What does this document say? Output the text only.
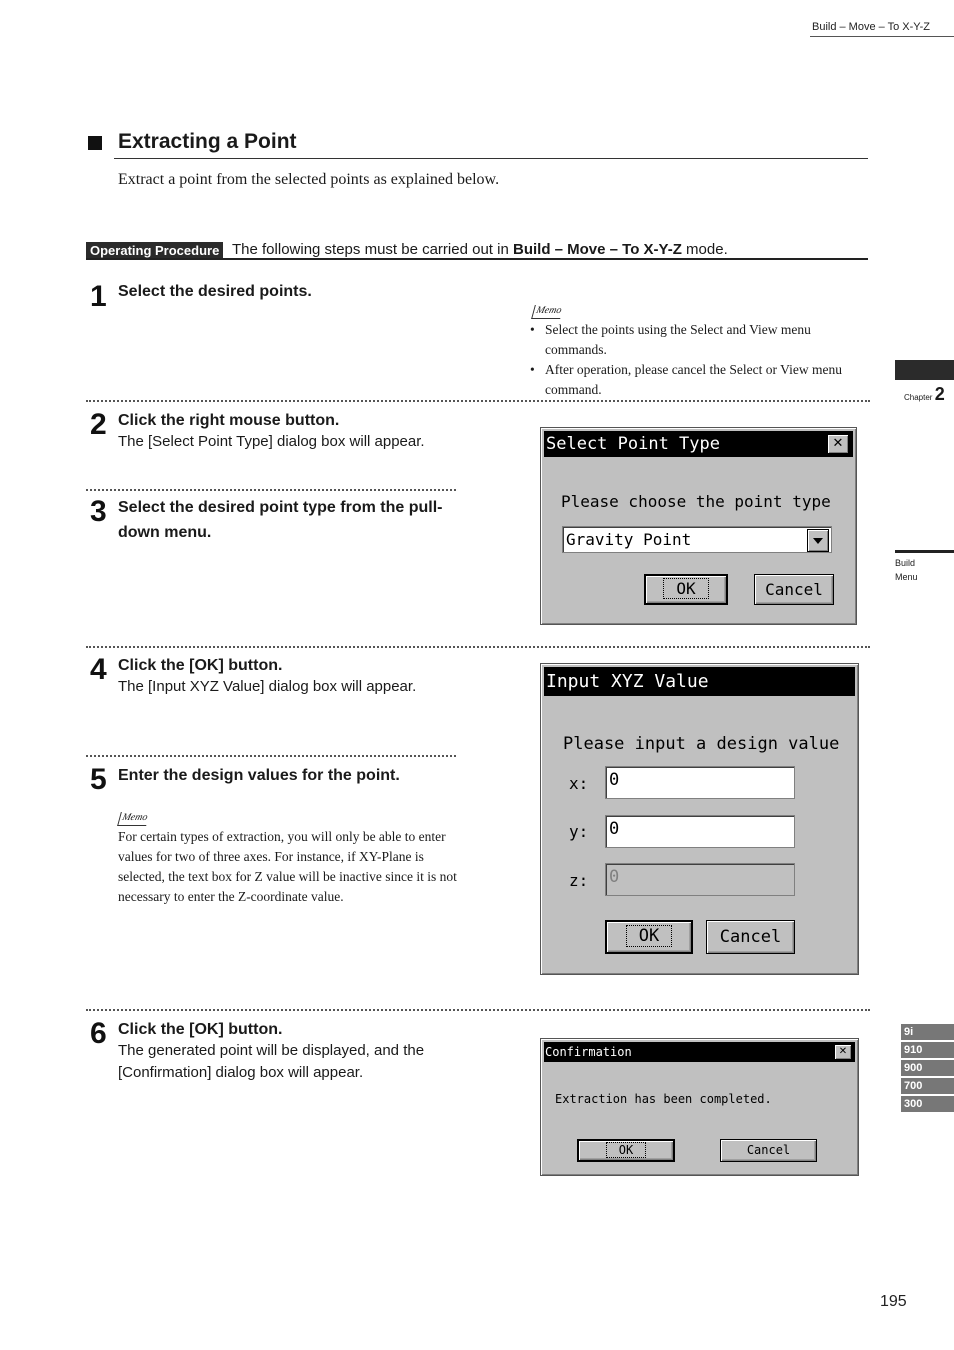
Build – Move – To X-Y-Z
Extracting a Point
Extract a point from the selected points as explained below.
Operating Procedure The following steps must be carried out in Build – Move – To X-Y-Z mode.
1 Select the desired points.
Memo
• Select the points using the Select and View menu commands.
• After operation, please cancel the Select or View menu command.
2 Click the right mouse button.
The [Select Point Type] dialog box will appear.
3 Select the desired point type from the pull-down menu.
Select Point Type	✕
Please choose the point type
Gravity Point
OK	Cancel
4 Click the [OK] button.
The [Input XYZ Value] dialog box will appear.
5 Enter the design values for the point.
Memo
For certain types of extraction, you will only be able to enter values for two of three axes. For instance, if XY-Plane is selected, the text box for Z value will be inactive since it is not necessary to enter the Z-coordinate value.
Input XYZ Value
Please input a design value
x: 0
y: 0
z: 0
OK	Cancel
6 Click the [OK] button.
The generated point will be displayed, and the [Confirmation] dialog box will appear.
Confirmation	✕
Extraction has been completed.
OK	Cancel
Chapter 2
Build
Menu
9i
910
900
700
300
195
